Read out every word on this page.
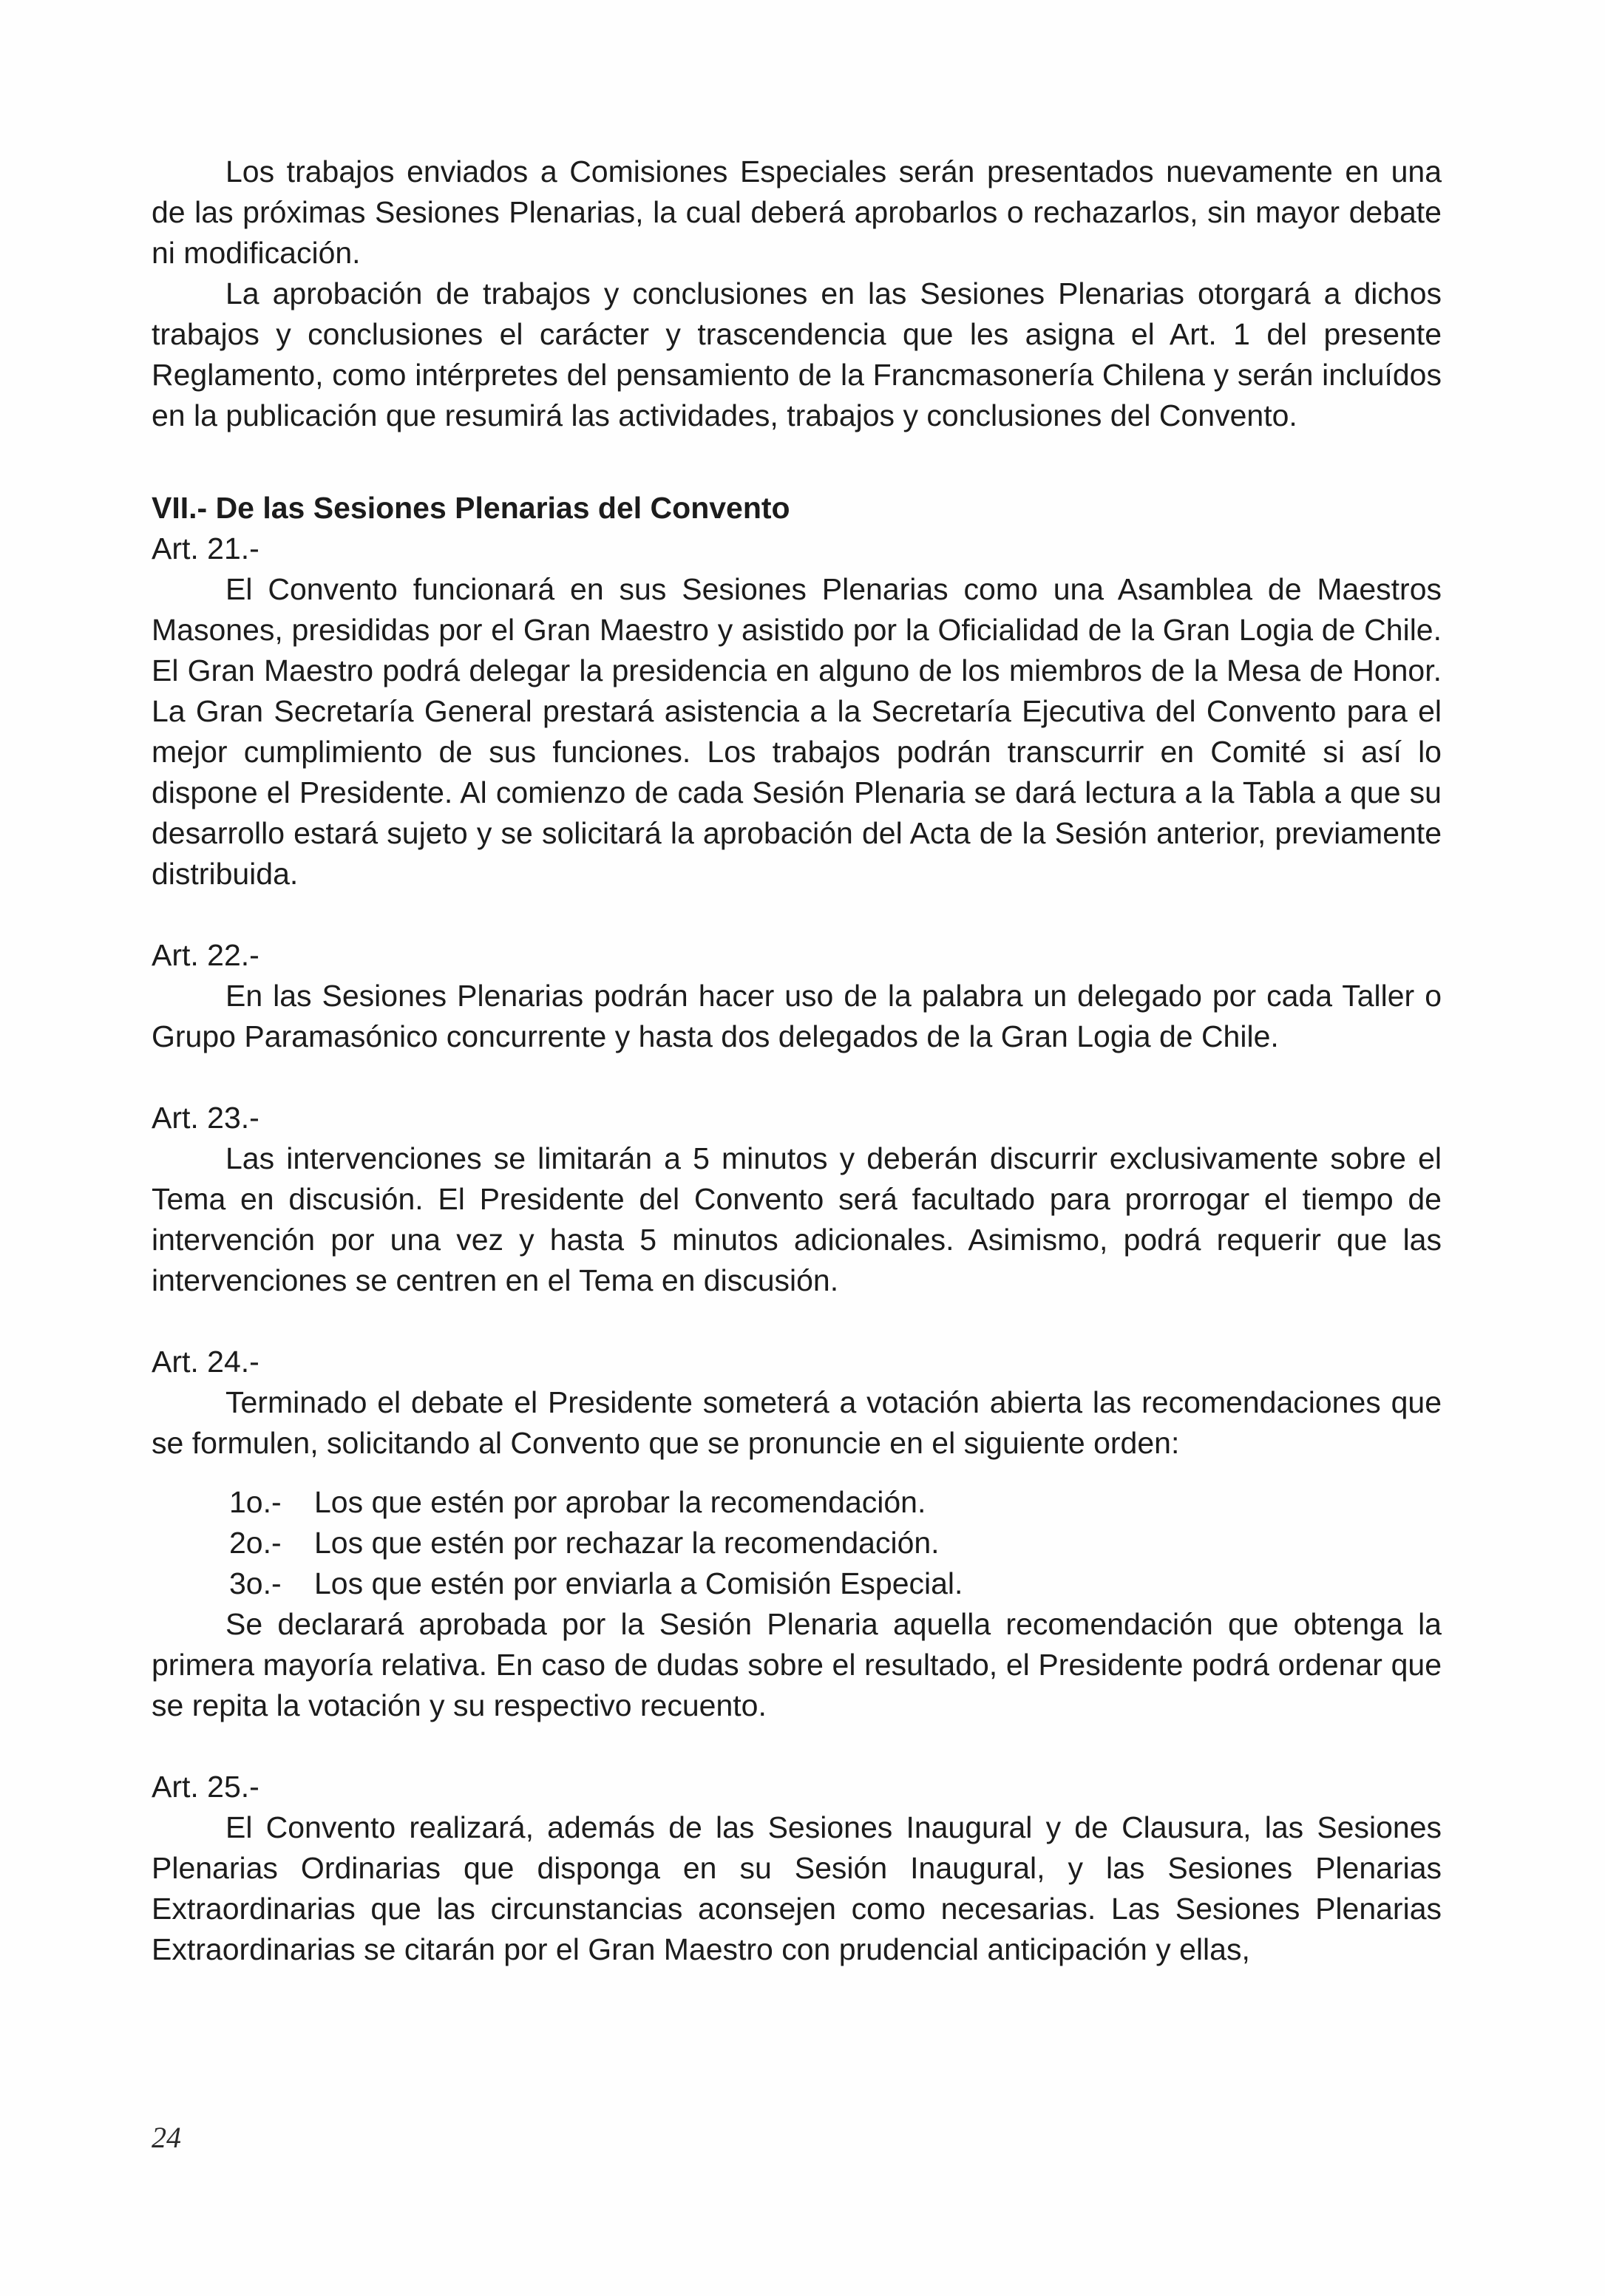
Los trabajos enviados a Comisiones Especiales serán presentados nuevamente en una de las próximas Sesiones Plenarias, la cual deberá aprobarlos o rechazarlos, sin mayor debate ni modificación.

La aprobación de trabajos y conclusiones en las Sesiones Plenarias otorgará a dichos trabajos y conclusiones el carácter y trascendencia que les asigna el Art. 1 del presente Reglamento, como intérpretes del pensamiento de la Francmasonería Chilena y serán incluídos en la publicación que resumirá las actividades, trabajos y conclusiones del Convento.

VII.- De las Sesiones Plenarias del Convento

Art. 21.-

El Convento funcionará en sus Sesiones Plenarias como una Asamblea de Maestros Masones, presididas por el Gran Maestro y asistido por la Oficialidad de la Gran Logia de Chile. El Gran Maestro podrá delegar la presidencia en alguno de los miembros de la Mesa de Honor. La Gran Secretaría General prestará asistencia a la Secretaría Ejecutiva del Convento para el mejor cumplimiento de sus funciones. Los trabajos podrán transcurrir en Comité si así lo dispone el Presidente. Al comienzo de cada Sesión Plenaria se dará lectura a la Tabla a que su desarrollo estará sujeto y se solicitará la aprobación del Acta de la Sesión anterior, previamente distribuida.

Art. 22.-

En las Sesiones Plenarias podrán hacer uso de la palabra un delegado por cada Taller o Grupo Paramasónico concurrente y hasta dos delegados de la Gran Logia de Chile.

Art. 23.-

Las intervenciones se limitarán a 5 minutos y deberán discurrir exclusivamente sobre el Tema en discusión. El Presidente del Convento será facultado para prorrogar el tiempo de intervención por una vez y hasta 5 minutos adicionales. Asimismo, podrá requerir que las intervenciones se centren en el Tema en discusión.

Art. 24.-

Terminado el debate el Presidente someterá a votación abierta las recomendaciones que se formulen, solicitando al Convento que se pronuncie en el siguiente orden:

1o.-	Los que estén por aprobar la recomendación.
2o.-	Los que estén por rechazar la recomendación.
3o.-	Los que estén por enviarla a Comisión Especial.

Se declarará aprobada por la Sesión Plenaria aquella recomendación que obtenga la primera mayoría relativa. En caso de dudas sobre el resultado, el Presidente podrá ordenar que se repita la votación y su respectivo recuento.

Art. 25.-

El Convento realizará, además de las Sesiones Inaugural y de Clausura, las Sesiones Plenarias Ordinarias que disponga en su Sesión Inaugural, y las Sesiones Plenarias Extraordinarias que las circunstancias aconsejen como necesarias. Las Sesiones Plenarias Extraordinarias se citarán por el Gran Maestro con prudencial anticipación y ellas,

24
